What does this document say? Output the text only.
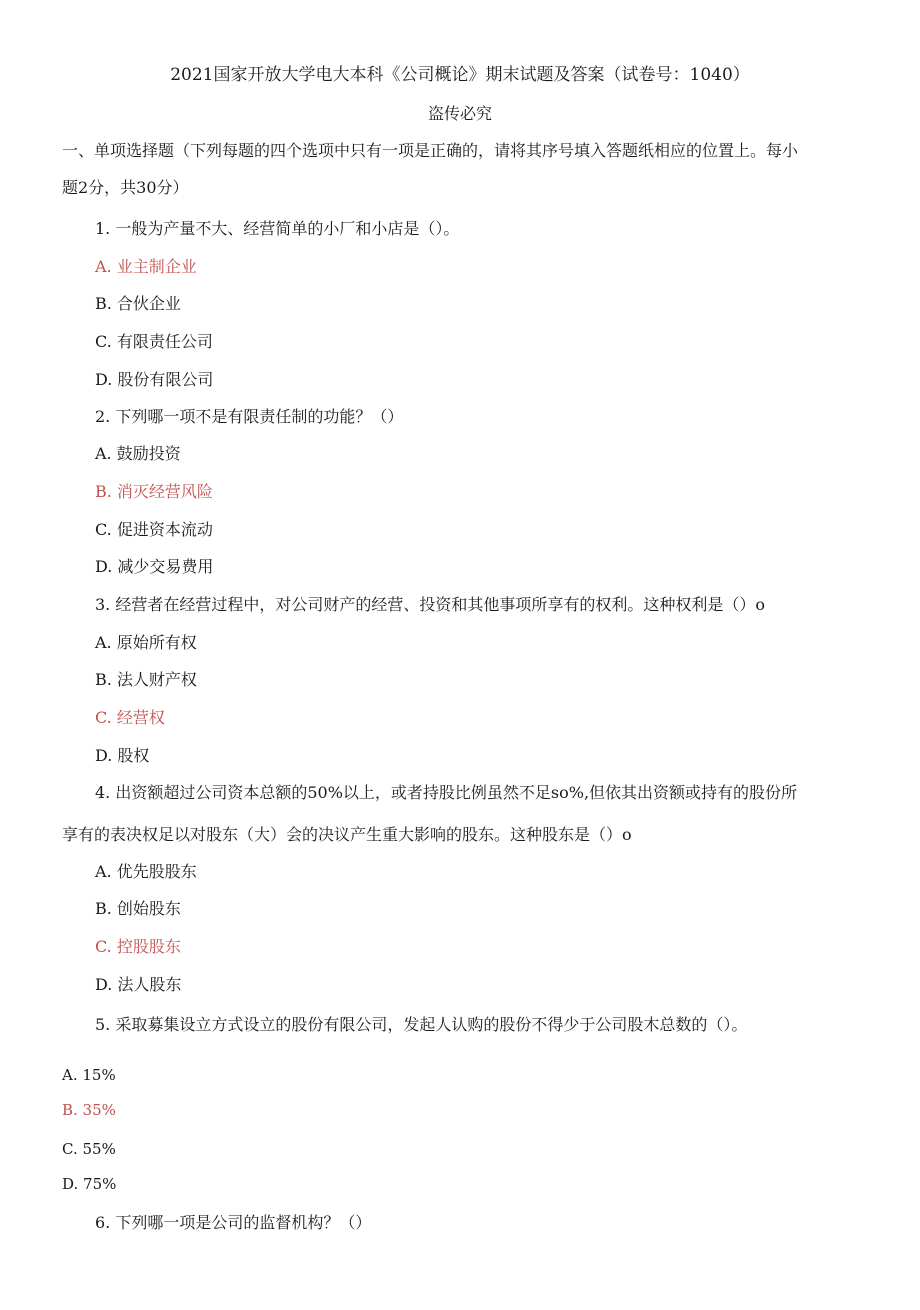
2021国家开放大学电大本科《公司概论》期末试题及答案（试卷号：1040）
盗传必究
一、单项选择题（下列每题的四个选项中只有一项是正确的，请将其序号填入答题纸相应的位置上。每小
题2分，共30分）
1. 一般为产量不大、经营简单的小厂和小店是（）。
A. 业主制企业
B. 合伙企业
C. 有限责任公司
D. 股份有限公司
2. 下列哪一项不是有限责任制的功能？（）
A. 鼓励投资
B. 消灭经营风险
C. 促进资本流动
D. 减少交易费用
3. 经营者在经营过程中，对公司财产的经营、投资和其他事项所享有的权利。这种权利是（）o
A. 原始所有权
B. 法人财产权
C. 经营权
D. 股权
4. 出资额超过公司资本总额的50%以上，或者持股比例虽然不足so%,但依其出资额或持有的股份所
享有的表决权足以对股东（大）会的决议产生重大影响的股东。这种股东是（）o
A. 优先股股东
B. 创始股东
C. 控股股东
D. 法人股东
5. 采取募集设立方式设立的股份有限公司，发起人认购的股份不得少于公司股木总数的（）。
A. 15%
B. 35%
C. 55%
D. 75%
6. 下列哪一项是公司的监督机构？（）
